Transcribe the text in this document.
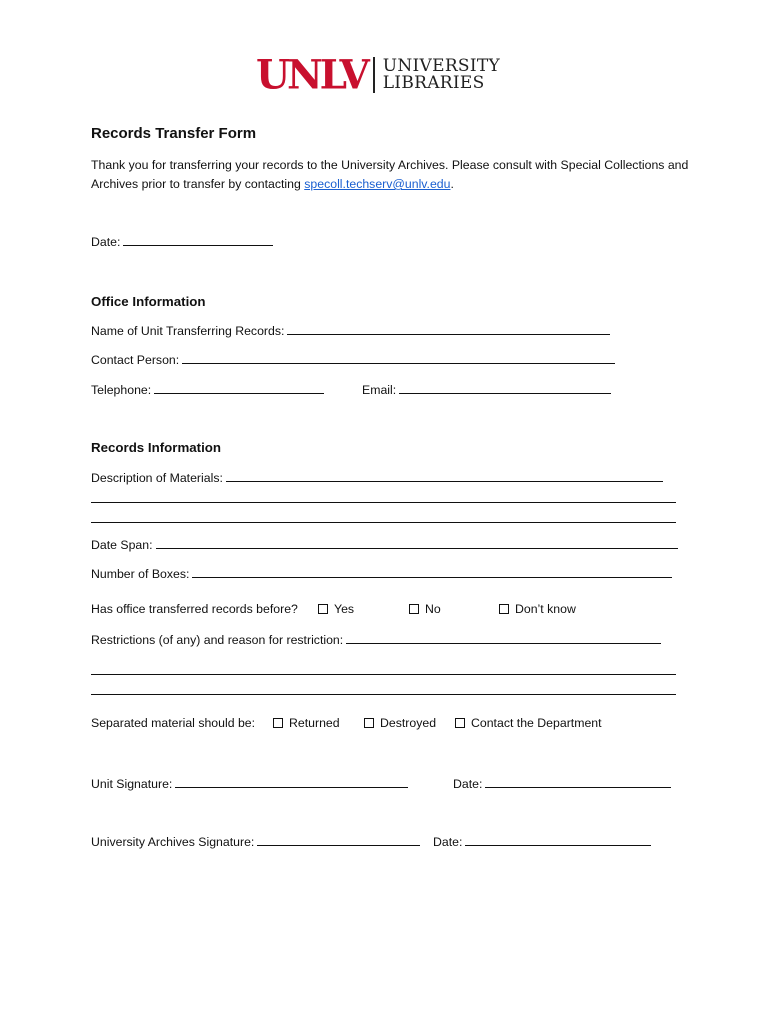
UNLV UNIVERSITY
LIBRARIES
Records Transfer Form
Thank you for transferring your records to the University Archives. Please consult with Special Collections and Archives prior to transfer by contacting specoll.techserv@unlv.edu.
Date:
Office Information
Name of Unit Transferring Records:
Contact Person:
Telephone:	Email:
Records Information
Description of Materials:
Date Span:
Number of Boxes:
Has office transferred records before?	Yes	No	Don’t know
Restrictions (of any) and reason for restriction:
Separated material should be:	Returned	Destroyed	Contact the Department
Unit Signature:	Date:
University Archives Signature:	Date:
